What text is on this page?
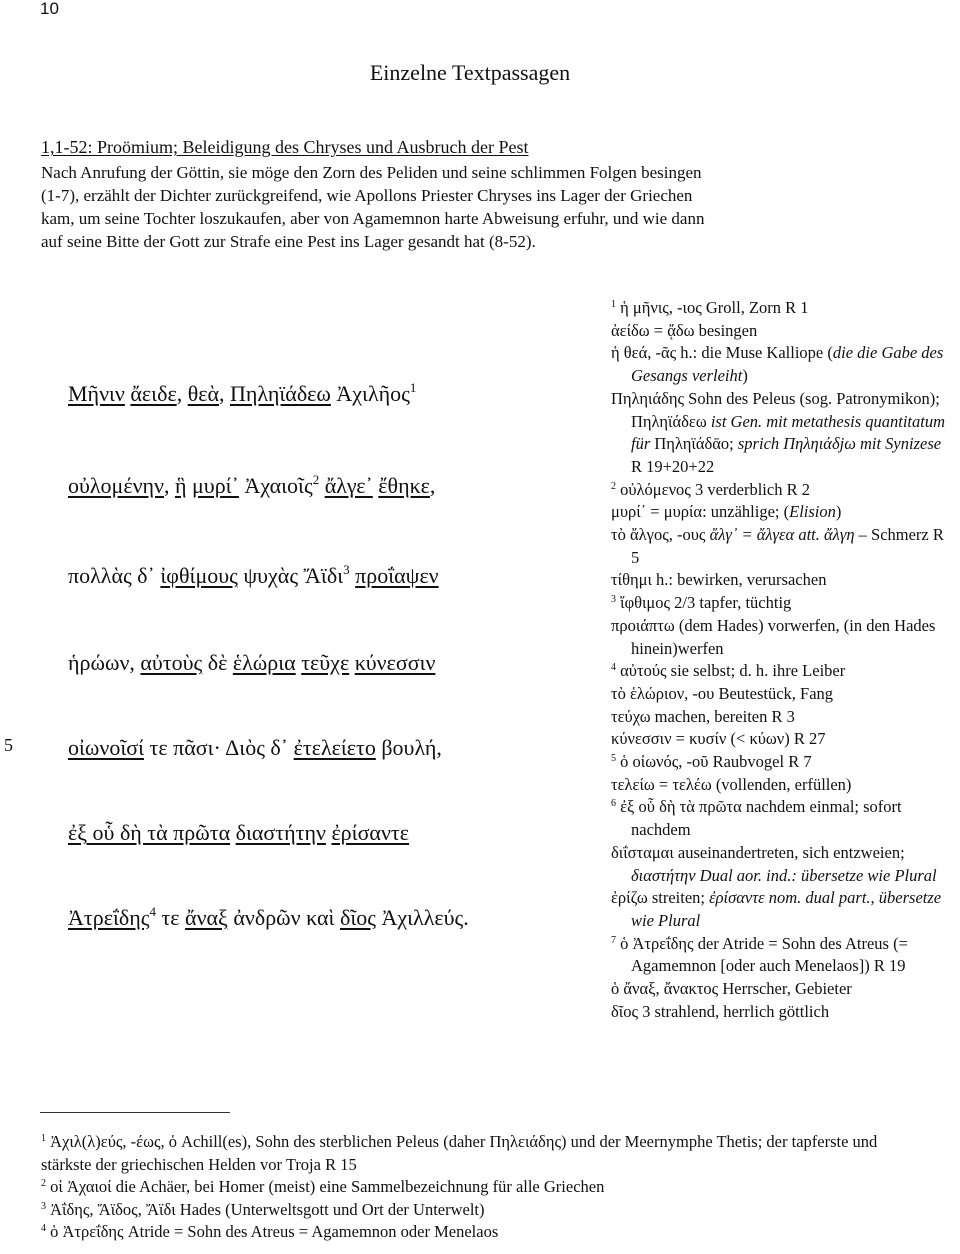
10
Einzelne Textpassagen
1,1-52: Proömium; Beleidigung des Chryses und Ausbruch der Pest
Nach Anrufung der Göttin, sie möge den Zorn des Peliden und seine schlimmen Folgen besingen
(1-7), erzählt der Dichter zurückgreifend, wie Apollons Priester Chryses ins Lager der Griechen
kam, um seine Tochter loszukaufen, aber von Agamemnon harte Abweisung erfuhr, und wie dann
auf seine Bitte der Gott zur Strafe eine Pest ins Lager gesandt hat (8-52).
Μῆνιν ἄειδε, θεὰ, Πηληϊάδεω Ἀχιλῆος$^1$
οὐλομένην, ἣ μυρί᾽ Ἀχαιοῖς$^2$ ἄλγε᾽ ἔθηκε,
πολλὰς δ᾽ ἰφθίμους ψυχὰς Ἄϊδι$^3$ προΐαψεν
ἡρώων, αὐτοὺς δὲ ἑλώρια τεῦχε κύνεσσιν
οἰωνοῖσί τε πᾶσι· Διὸς δ᾽ ἐτελείετο βουλή,
5
ἐξ οὗ δὴ τὰ πρῶτα διαστήτην ἐρίσαντε
Ἀτρεΐδης$^4$ τε ἄναξ ἀνδρῶν καὶ δῖος Ἀχιλλεύς.
$^1$ ἡ μῆνις, -ιος Groll, Zorn R 1
ἀείδω = ᾄδω besingen
ἡ θεά, -ᾶς h.: die Muse Kalliope (die die Gabe des Gesangs verleiht)
Πηληιάδης Sohn des Peleus (sog. Patronymikon); Πηληϊάδεω ist Gen. mit metathesis quantitatum für Πηληϊάδᾱο; sprich Πηληιάδjω mit Synizese R 19+20+22
$^2$ οὐλόμενος 3 verderblich R 2
μυρί᾽ = μυρία: unzählige; (Elision)
τὸ ἄλγος, -ους ἄλγ᾽ = ἄλγεα att. ἄλγη – Schmerz R 5
τίθημι h.: bewirken, verursachen
$^3$ ἴφθιμος 2/3 tapfer, tüchtig
προιάπτω (dem Hades) vorwerfen, (in den Hades hinein)werfen
$^4$ αὐτούς sie selbst; d. h. ihre Leiber
τὸ ἑλώριον, -ου Beutestück, Fang
τεύχω machen, bereiten R 3
κύνεσσιν = κυσίν (< κύων) R 27
$^5$ ὁ οἰωνός, -οῦ Raubvogel R 7
τελείω = τελέω (vollenden, erfüllen)
$^6$ ἐξ οὗ δὴ τὰ πρῶτα nachdem einmal; sofort nachdem
διΐσταμαι auseinandertreten, sich entzweien; διαστήτην Dual aor. ind.: übersetze wie Plural
ἐρίζω streiten; ἐρίσαντε nom. dual part., übersetze wie Plural
$^7$ ὁ Ἀτρεΐδης der Atride = Sohn des Atreus (= Agamemnon [oder auch Menelaos]) R 19
ὁ ἄναξ, ἄνακτος Herrscher, Gebieter
δῖος 3 strahlend, herrlich göttlich
$^1$ Ἀχιλ(λ)εύς, -έως, ὁ Achill(es), Sohn des sterblichen Peleus (daher Πηλειάδης) und der Meernymphe Thetis; der tapferste und stärkste der griechischen Helden vor Troja R 15
$^2$ οἱ Ἀχαιοί die Achäer, bei Homer (meist) eine Sammelbezeichnung für alle Griechen
$^3$ Ἀΐδης, Ἄϊδος, Ἄϊδι Hades (Unterweltsgott und Ort der Unterwelt)
$^4$ ὁ Ἀτρεΐδης Atride = Sohn des Atreus = Agamemnon oder Menelaos
